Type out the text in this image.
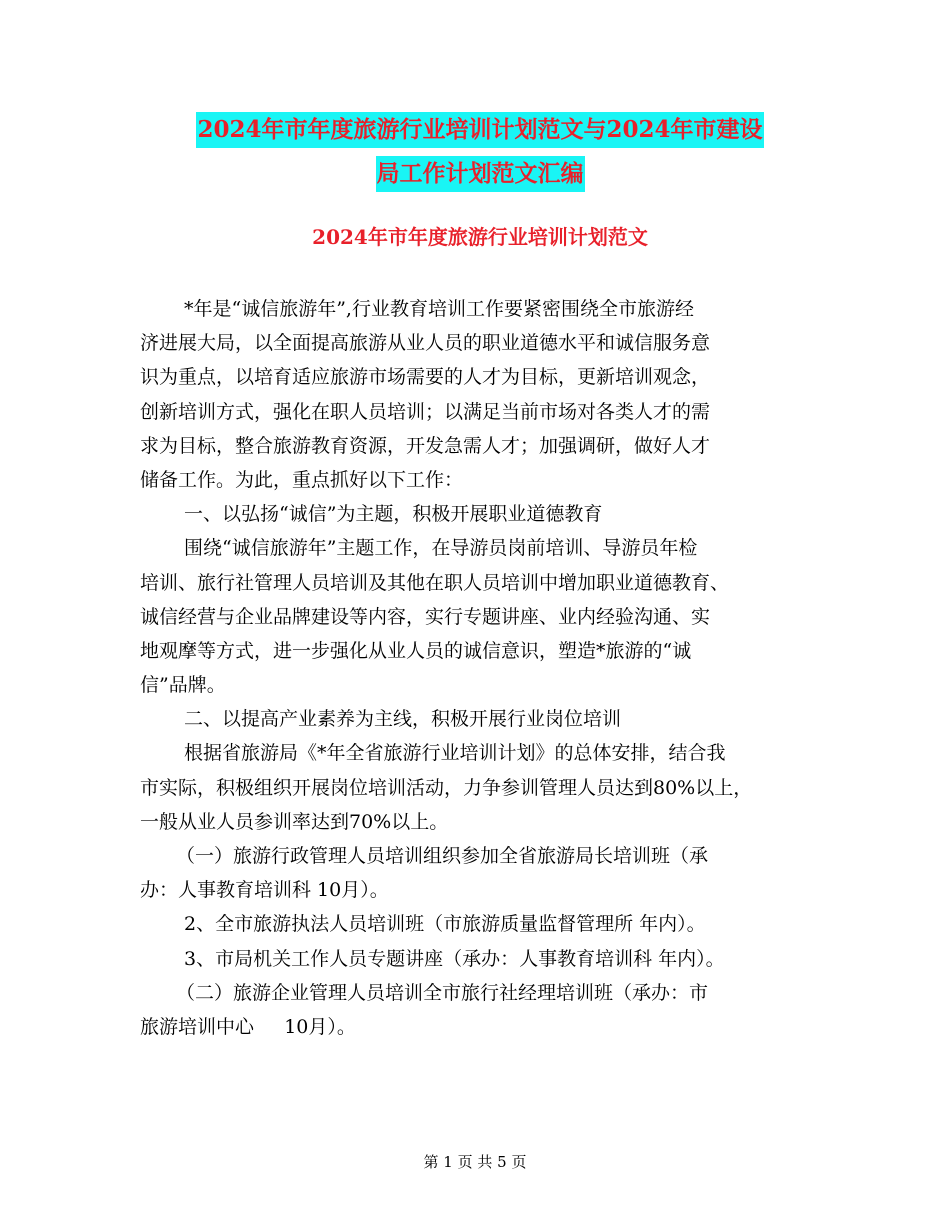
2024年市年度旅游行业培训计划范文与2024年市建设
局工作计划范文汇编
2024年市年度旅游行业培训计划范文
*年是“诚信旅游年”,行业教育培训工作要紧密围绕全市旅游经
济进展大局，以全面提高旅游从业人员的职业道德水平和诚信服务意
识为重点，以培育适应旅游市场需要的人才为目标，更新培训观念，
创新培训方式，强化在职人员培训；以满足当前市场对各类人才的需
求为目标，整合旅游教育资源，开发急需人才；加强调研，做好人才
储备工作。为此，重点抓好以下工作：
一、以弘扬“诚信”为主题，积极开展职业道德教育
围绕“诚信旅游年”主题工作，在导游员岗前培训、导游员年检
培训、旅行社管理人员培训及其他在职人员培训中增加职业道德教育、
诚信经营与企业品牌建设等内容，实行专题讲座、业内经验沟通、实
地观摩等方式，进一步强化从业人员的诚信意识，塑造*旅游的“诚
信”品牌。
二、以提高产业素养为主线，积极开展行业岗位培训
根据省旅游局《*年全省旅游行业培训计划》的总体安排，结合我
市实际，积极组织开展岗位培训活动，力争参训管理人员达到80%以上，
一般从业人员参训率达到70%以上。
（一）旅游行政管理人员培训组织参加全省旅游局长培训班（承
办：人事教育培训科 10月）。
2、全市旅游执法人员培训班（市旅游质量监督管理所 年内）。
3、市局机关工作人员专题讲座（承办：人事教育培训科 年内）。
（二）旅游企业管理人员培训全市旅行社经理培训班（承办：市
旅游培训中心     10月）。
第 1 页 共 5 页
